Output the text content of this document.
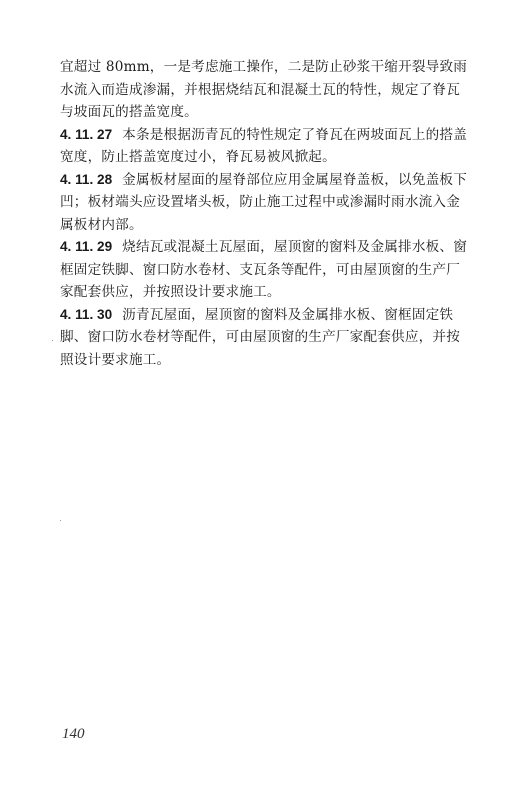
宜超过 80mm，一是考虑施工操作，二是防止砂浆干缩开裂导致雨水流入而造成渗漏，并根据烧结瓦和混凝土瓦的特性，规定了脊瓦与坡面瓦的搭盖宽度。

4. 11. 27 本条是根据沥青瓦的特性规定了脊瓦在两坡面瓦上的搭盖宽度，防止搭盖宽度过小，脊瓦易被风掀起。

4. 11. 28 金属板材屋面的屋脊部位应用金属屋脊盖板，以免盖板下凹；板材端头应设置堵头板，防止施工过程中或渗漏时雨水流入金属板材内部。

4. 11. 29 烧结瓦或混凝土瓦屋面，屋顶窗的窗料及金属排水板、窗框固定铁脚、窗口防水卷材、支瓦条等配件，可由屋顶窗的生产厂家配套供应，并按照设计要求施工。

4. 11. 30 沥青瓦屋面，屋顶窗的窗料及金属排水板、窗框固定铁脚、窗口防水卷材等配件，可由屋顶窗的生产厂家配套供应，并按照设计要求施工。

140
